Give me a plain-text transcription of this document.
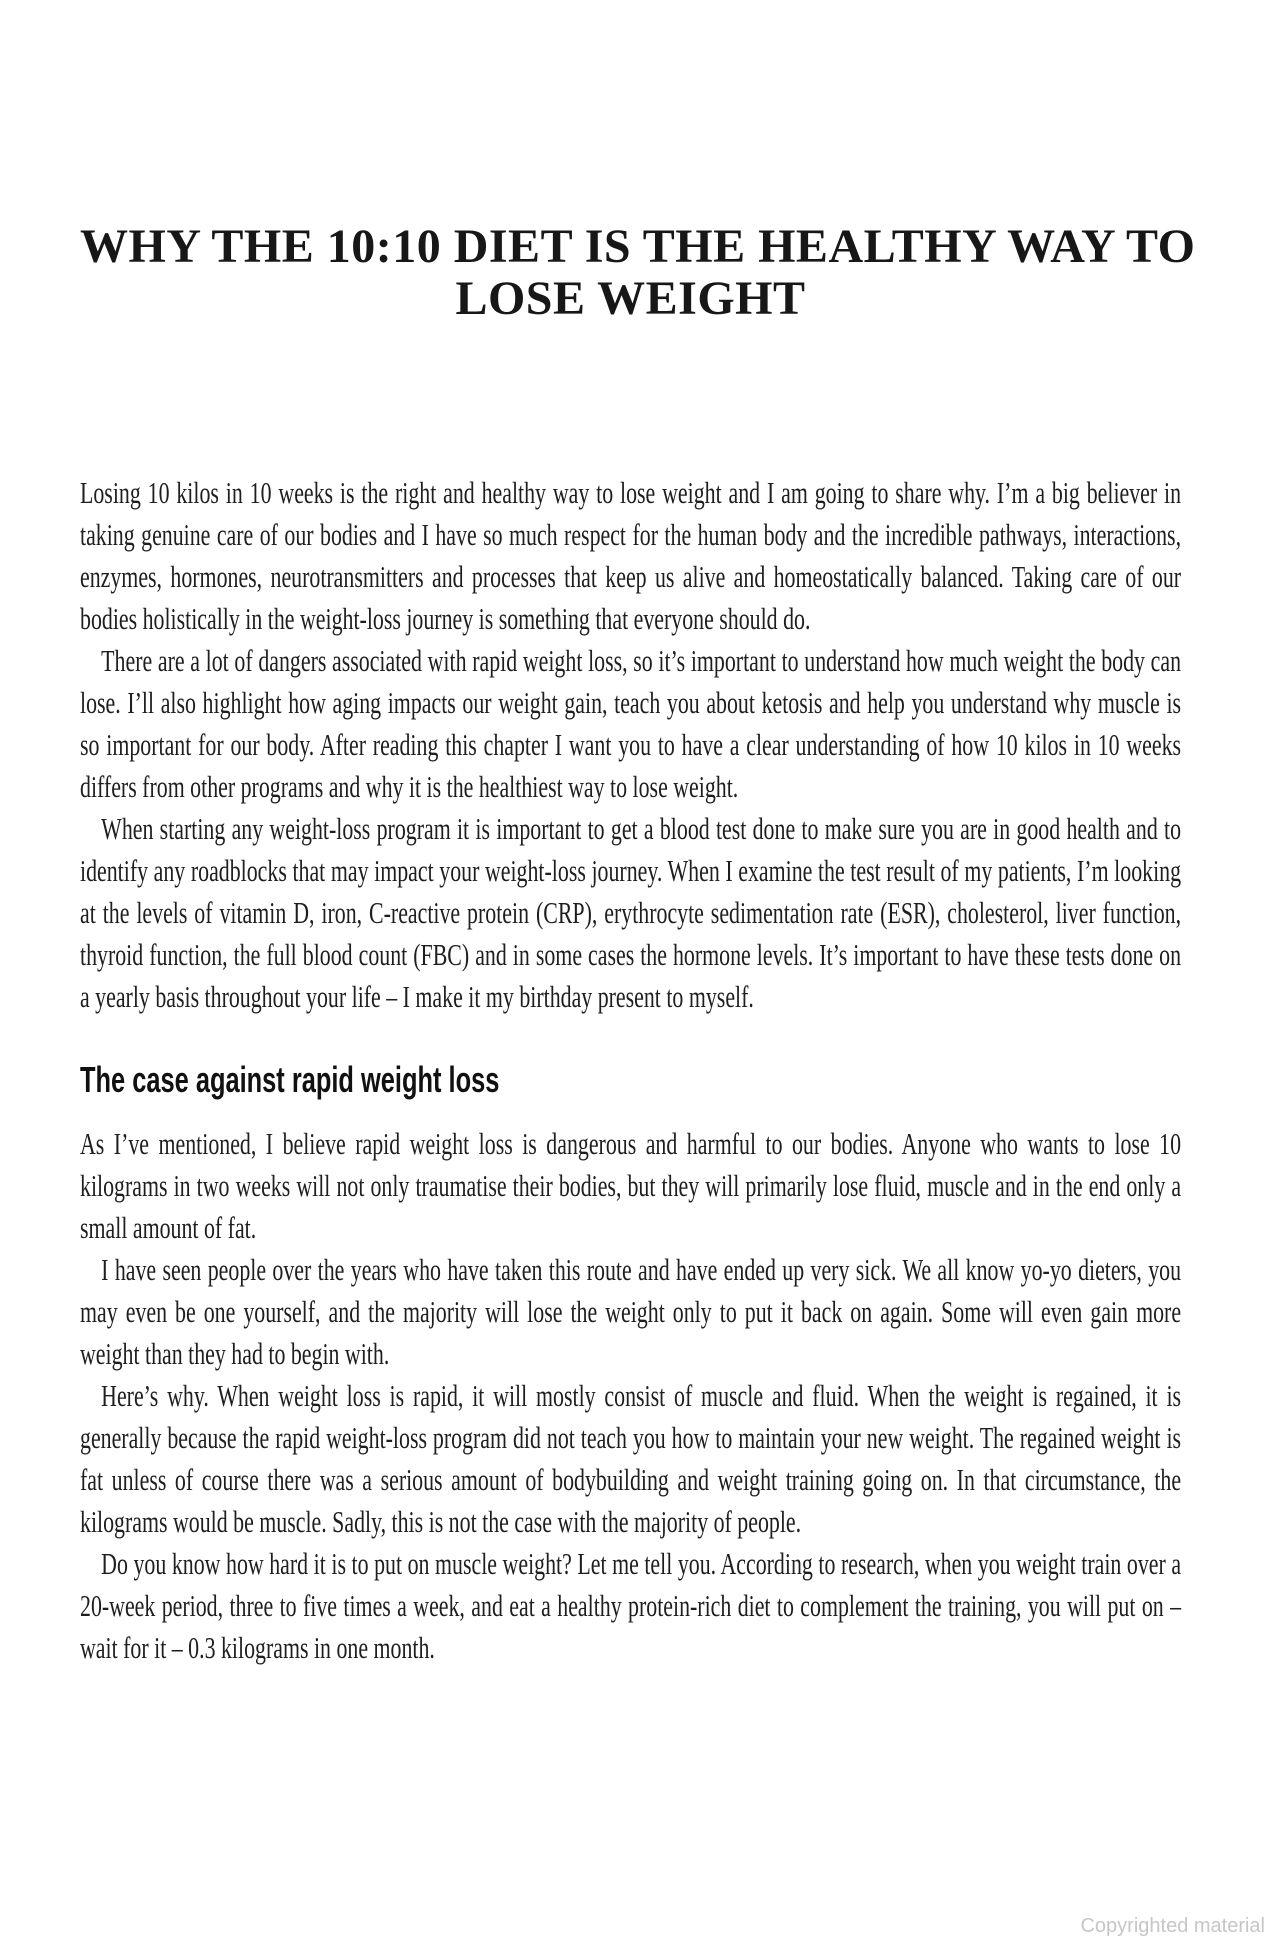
WHY THE 10:10 DIET IS THE HEALTHY WAY TO
LOSE WEIGHT

Losing 10 kilos in 10 weeks is the right and healthy way to lose weight and I am going to share why. I’m a big believer in taking genuine care of our bodies and I have so much respect for the human body and the incredible pathways, interactions, enzymes, hormones, neurotransmitters and processes that keep us alive and homeostatically balanced. Taking care of our bodies holistically in the weight-loss journey is something that everyone should do.

There are a lot of dangers associated with rapid weight loss, so it’s important to understand how much weight the body can lose. I’ll also highlight how aging impacts our weight gain, teach you about ketosis and help you understand why muscle is so important for our body. After reading this chapter I want you to have a clear understanding of how 10 kilos in 10 weeks differs from other programs and why it is the healthiest way to lose weight.

When starting any weight-loss program it is important to get a blood test done to make sure you are in good health and to identify any roadblocks that may impact your weight-loss journey. When I examine the test result of my patients, I’m looking at the levels of vitamin D, iron, C-reactive protein (CRP), erythrocyte sedimentation rate (ESR), cholesterol, liver function, thyroid function, the full blood count (FBC) and in some cases the hormone levels. It’s important to have these tests done on a yearly basis throughout your life – I make it my birthday present to myself.

The case against rapid weight loss

As I’ve mentioned, I believe rapid weight loss is dangerous and harmful to our bodies. Anyone who wants to lose 10 kilograms in two weeks will not only traumatise their bodies, but they will primarily lose fluid, muscle and in the end only a small amount of fat.

I have seen people over the years who have taken this route and have ended up very sick. We all know yo-yo dieters, you may even be one yourself, and the majority will lose the weight only to put it back on again. Some will even gain more weight than they had to begin with.

Here’s why. When weight loss is rapid, it will mostly consist of muscle and fluid. When the weight is regained, it is generally because the rapid weight-loss program did not teach you how to maintain your new weight. The regained weight is fat unless of course there was a serious amount of bodybuilding and weight training going on. In that circumstance, the kilograms would be muscle. Sadly, this is not the case with the majority of people.

Do you know how hard it is to put on muscle weight? Let me tell you. According to research, when you weight train over a 20-week period, three to five times a week, and eat a healthy protein-rich diet to complement the training, you will put on – wait for it – 0.3 kilograms in one month.

Copyrighted material
